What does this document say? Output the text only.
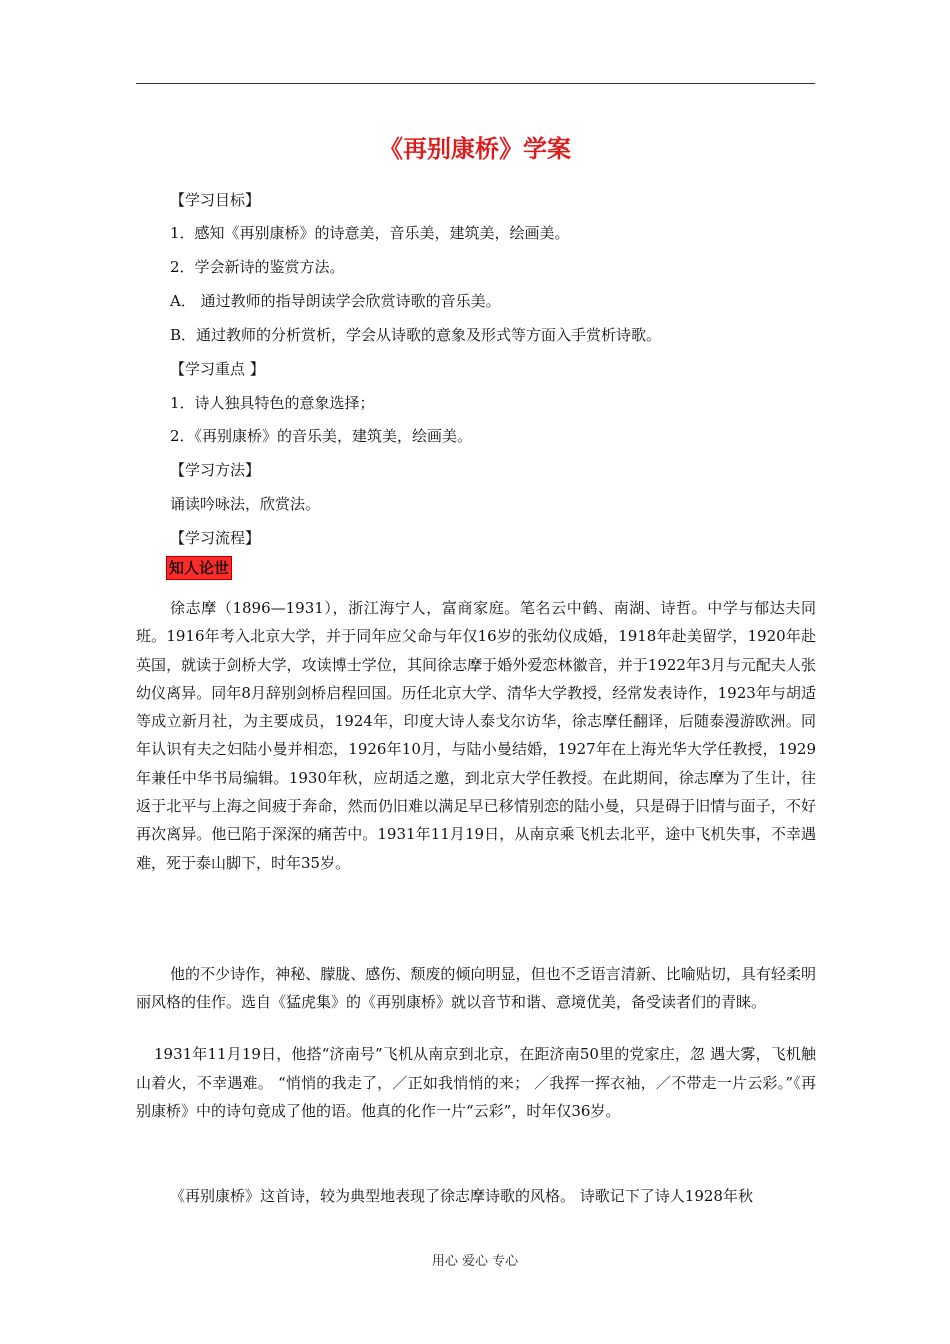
《再别康桥》学案
【学习目标】
1．感知《再别康桥》的诗意美，音乐美，建筑美，绘画美。
2．学会新诗的鉴赏方法。
A． 通过教师的指导朗读学会欣赏诗歌的音乐美。
B．通过教师的分析赏析，学会从诗歌的意象及形式等方面入手赏析诗歌。
【学习重点 】
1．诗人独具特色的意象选择；
2．《再别康桥》的音乐美，建筑美，绘画美。
【学习方法】
诵读吟咏法，欣赏法。
【学习流程】
知人论世

徐志摩（1896—1931），浙江海宁人，富商家庭。笔名云中鹤、南湖、诗哲。中学与郁达夫同班。1916年考入北京大学，并于同年应父命与年仅16岁的张幼仪成婚，1918年赴美留学，1920年赴英国，就读于剑桥大学，攻读博士学位，其间徐志摩于婚外爱恋林徽音，并于1922年3月与元配夫人张幼仪离异。同年8月辞别剑桥启程回国。历任北京大学、清华大学教授，经常发表诗作，1923年与胡适等成立新月社，为主要成员，1924年，印度大诗人泰戈尔访华，徐志摩任翻译，后随泰漫游欧洲。同年认识有夫之妇陆小曼并相恋，1926年10月，与陆小曼结婚，1927年在上海光华大学任教授，1929年兼任中华书局编辑。1930年秋，应胡适之邀，到北京大学任教授。在此期间，徐志摩为了生计，往返于北平与上海之间疲于奔命，然而仍旧难以满足早已移情别恋的陆小曼，只是碍于旧情与面子，不好再次离异。他已陷于深深的痛苦中。1931年11月19日，从南京乘飞机去北平，途中飞机失事，不幸遇难，死于泰山脚下，时年35岁。

他的不少诗作，神秘、朦胧、感伤、颓废的倾向明显，但也不乏语言清新、比喻贴切，具有轻柔明丽风格的佳作。选自《猛虎集》的《再别康桥》就以音节和谐、意境优美，备受读者们的青睐。

1931年11月19日，他搭“济南号”飞机从南京到北京，在距济南50里的党家庄，忽 遇大雾，飞机触山着火，不幸遇难。 “悄悄的我走了，／正如我悄悄的来； ／我挥一挥衣袖，／不带走一片云彩。”《再别康桥》中的诗句竟成了他的语。他真的化作一片“云彩”，时年仅36岁。

《再别康桥》这首诗，较为典型地表现了徐志摩诗歌的风格。 诗歌记下了诗人1928年秋

用心 爱心 专心
